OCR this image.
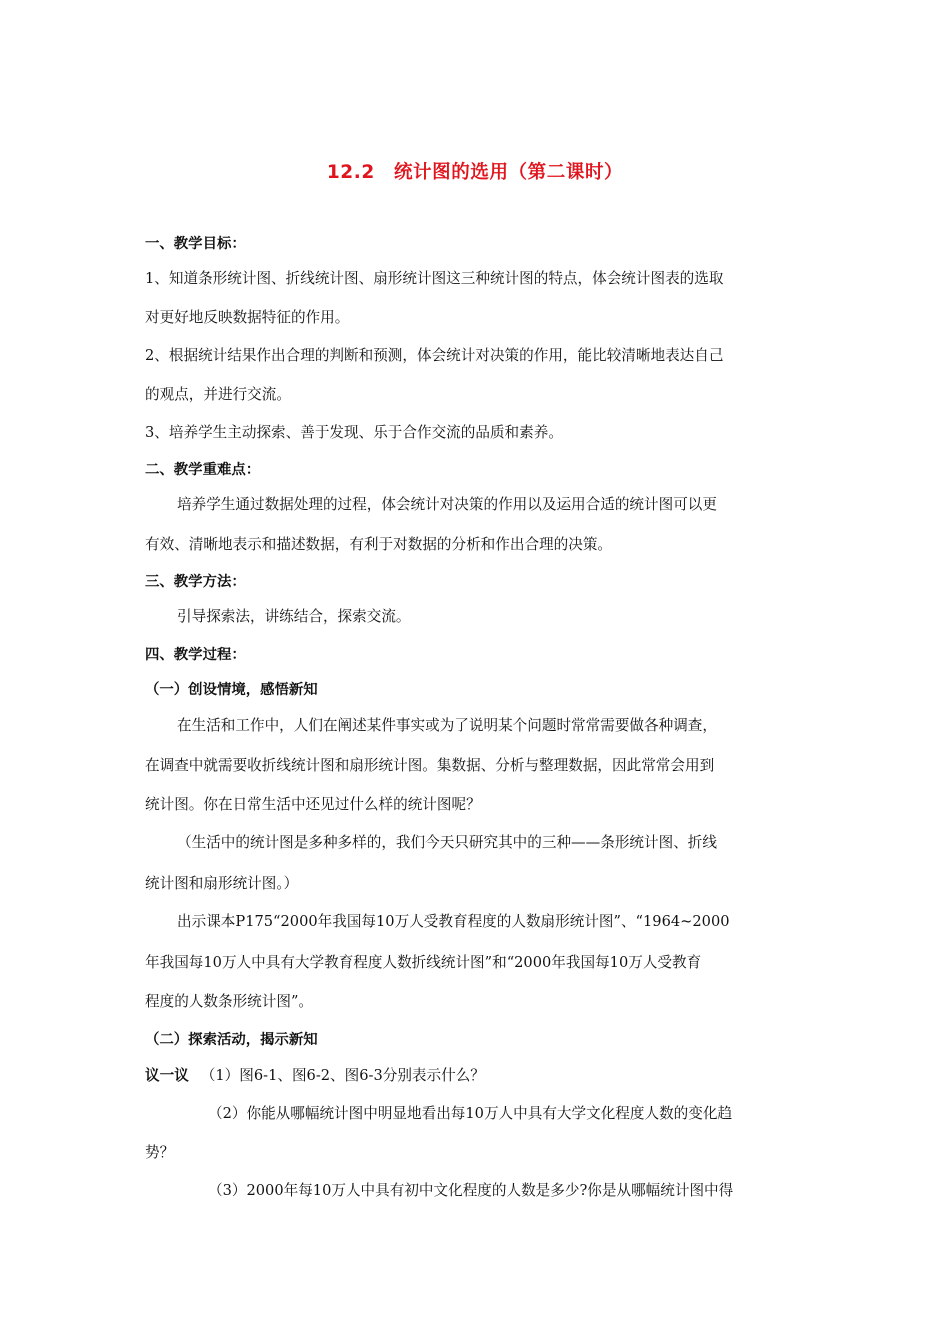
12.2　统计图的选用（第二课时）
一、教学目标：
1、知道条形统计图、折线统计图、扇形统计图这三种统计图的特点，体会统计图表的选取
对更好地反映数据特征的作用。
2、根据统计结果作出合理的判断和预测，体会统计对决策的作用，能比较清晰地表达自己
的观点，并进行交流。
3、培养学生主动探索、善于发现、乐于合作交流的品质和素养。
二、教学重难点：
培养学生通过数据处理的过程，体会统计对决策的作用以及运用合适的统计图可以更
有效、清晰地表示和描述数据，有利于对数据的分析和作出合理的决策。
三、教学方法：
引导探索法，讲练结合，探索交流。
四、教学过程：
（一）创设情境，感悟新知
在生活和工作中，人们在阐述某件事实或为了说明某个问题时常常需要做各种调查，
在调查中就需要收折线统计图和扇形统计图。集数据、分析与整理数据，因此常常会用到
统计图。你在日常生活中还见过什么样的统计图呢？
（生活中的统计图是多种多样的，我们今天只研究其中的三种——条形统计图、折线
统计图和扇形统计图。）
出示课本P175“2000年我国每10万人受教育程度的人数扇形统计图”、“1964~2000
年我国每10万人中具有大学教育程度人数折线统计图”和“2000年我国每10万人受教育
程度的人数条形统计图”。
（二）探索活动，揭示新知
议一议 （1）图6-1、图6-2、图6-3分别表示什么？
（2）你能从哪幅统计图中明显地看出每10万人中具有大学文化程度人数的变化趋
势？
（3）2000年每10万人中具有初中文化程度的人数是多少?你是从哪幅统计图中得
